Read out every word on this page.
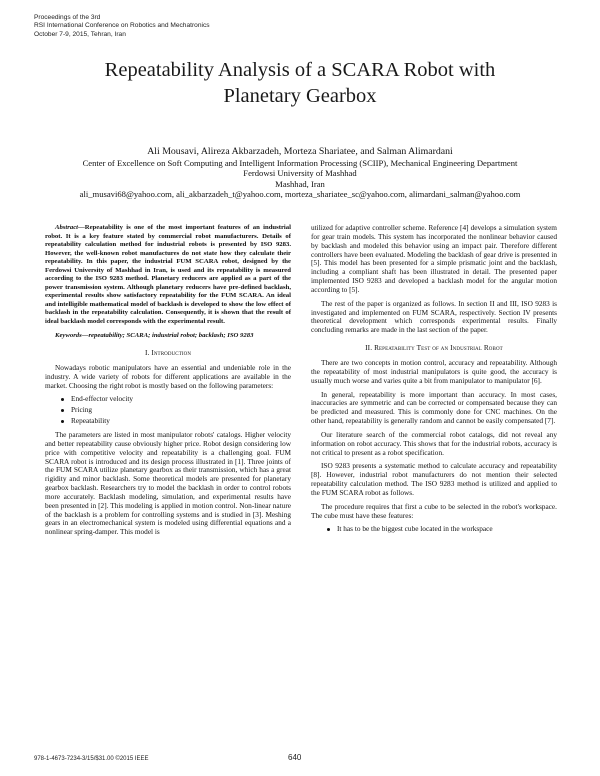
Proceedings of the 3rd
RSI International Conference on Robotics and Mechatronics
October 7-9, 2015, Tehran, Iran
Repeatability Analysis of a SCARA Robot with
Planetary Gearbox
Ali Mousavi, Alireza Akbarzadeh, Morteza Shariatee, and Salman Alimardani
Center of Excellence on Soft Computing and Intelligent Information Processing (SCIIP), Mechanical Engineering Department
Ferdowsi University of Mashhad
Mashhad, Iran
ali_musavi68@yahoo.com, ali_akbarzadeh_t@yahoo.com, morteza_shariatee_sc@yahoo.com, alimardani_salman@yahoo.com

Abstract—Repeatability is one of the most important features of an industrial robot. It is a key feature stated by commercial robot manufacturers. Details of repeatability calculation method for industrial robots is presented by ISO 9283. However, the well-known robot manufactures do not state how they calculate their repeatability. In this paper, the industrial FUM SCARA robot, designed by the Ferdowsi University of Mashhad in Iran, is used and its repeatability is measured according to the ISO 9283 method. Planetary reducers are applied as a part of the power transmission system. Although planetary reducers have pre-defined backlash, experimental results show satisfactory repeatability for the FUM SCARA. An ideal and intelligible mathematical model of backlash is developed to show the low effect of backlash in the repeatability calculation. Consequently, it is shown that the result of ideal backlash model corresponds with the experimental result.

Keywords—repeatability; SCARA; industrial robot; backlash; ISO 9283

I. Introduction

Nowadays robotic manipulators have an essential and undeniable role in the industry. A wide variety of robots for different applications are available in the market. Choosing the right robot is mostly based on the following parameters:

End-effector velocity
Pricing
Repeatability

The parameters are listed in most manipulator robots' catalogs. Higher velocity and better repeatability cause obviously higher price. Robot design considering low price with competitive velocity and repeatability is a challenging goal. FUM SCARA robot is introduced and its design process illustrated in [1]. Three joints of the FUM SCARA utilize planetary gearbox as their transmission, which has a great rigidity and minor backlash. Some theoretical models are presented for planetary gearbox backlash. Researchers try to model the backlash in order to control robots more accurately. Backlash modeling, simulation, and experimental results have been presented in [2]. This modeling is applied in motion control. Non-linear nature of the backlash is a problem for controlling systems and is studied in [3]. Meshing gears in an electromechanical system is modeled using differential equations and a nonlinear spring-damper. This model is

utilized for adaptive controller scheme. Reference [4] develops a simulation system for gear train models. This system has incorporated the nonlinear behavior caused by backlash and modeled this behavior using an impact pair. Therefore different controllers have been evaluated. Modeling the backlash of gear drive is presented in [5]. This model has been presented for a simple prismatic joint and the backlash, including a compliant shaft has been illustrated in detail. The presented paper implemented ISO 9283 and developed a backlash model for the angular motion according to [5].

The rest of the paper is organized as follows. In section II and III, ISO 9283 is investigated and implemented on FUM SCARA, respectively. Section IV presents theoretical development which corresponds experimental results. Finally concluding remarks are made in the last section of the paper.

II. Repeatability Test of an Industrial Robot

There are two concepts in motion control, accuracy and repeatability. Although the repeatability of most industrial manipulators is quite good, the accuracy is usually much worse and varies quite a bit from manipulator to manipulator [6].

In general, repeatability is more important than accuracy. In most cases, inaccuracies are symmetric and can be corrected or compensated because they can be predicted and measured. This is commonly done for CNC machines. On the other hand, repeatability is generally random and cannot be easily compensated [7].

Our literature search of the commercial robot catalogs, did not reveal any information on robot accuracy. This shows that for the industrial robots, accuracy is not critical to present as a robot specification.

ISO 9283 presents a systematic method to calculate accuracy and repeatability [8]. However, industrial robot manufacturers do not mention their selected repeatability calculation method. The ISO 9283 method is utilized and applied to the FUM SCARA robot as follows.

The procedure requires that first a cube to be selected in the robot's workspace. The cube must have these features:

It has to be the biggest cube located in the workspace
978-1-4673-7234-3/15/$31.00 ©2015 IEEE	640
